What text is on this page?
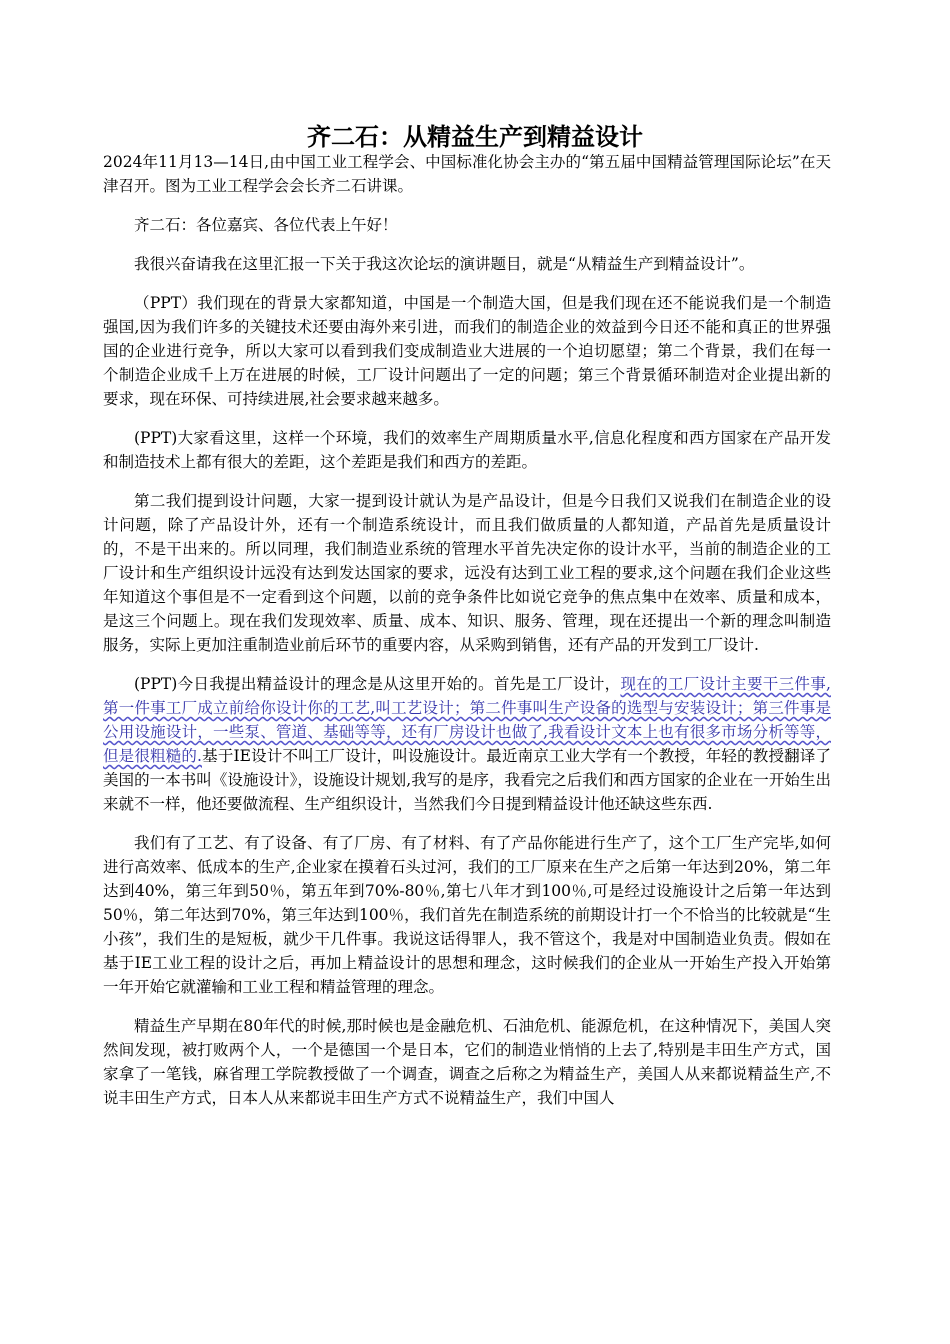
齐二石：从精益生产到精益设计

2024年11月13—14日,由中国工业工程学会、中国标准化协会主办的“第五届中国精益管理国际论坛”在天津召开。图为工业工程学会会长齐二石讲课。

齐二石：各位嘉宾、各位代表上午好！

我很兴奋请我在这里汇报一下关于我这次论坛的演讲题目，就是“从精益生产到精益设计”。

（PPT）我们现在的背景大家都知道，中国是一个制造大国，但是我们现在还不能说我们是一个制造强国,因为我们许多的关键技术还要由海外来引进，而我们的制造企业的效益到今日还不能和真正的世界强国的企业进行竞争，所以大家可以看到我们变成制造业大进展的一个迫切愿望；第二个背景，我们在每一个制造企业成千上万在进展的时候，工厂设计问题出了一定的问题；第三个背景循环制造对企业提出新的要求，现在环保、可持续进展,社会要求越来越多。

(PPT)大家看这里，这样一个环境，我们的效率生产周期质量水平,信息化程度和西方国家在产品开发和制造技术上都有很大的差距，这个差距是我们和西方的差距。

第二我们提到设计问题，大家一提到设计就认为是产品设计，但是今日我们又说我们在制造企业的设计问题，除了产品设计外，还有一个制造系统设计，而且我们做质量的人都知道，产品首先是质量设计的，不是干出来的。所以同理，我们制造业系统的管理水平首先决定你的设计水平，当前的制造企业的工厂设计和生产组织设计远没有达到发达国家的要求，远没有达到工业工程的要求,这个问题在我们企业这些年知道这个事但是不一定看到这个问题，以前的竞争条件比如说它竞争的焦点集中在效率、质量和成本，是这三个问题上。现在我们发现效率、质量、成本、知识、服务、管理，现在还提出一个新的理念叫制造服务，实际上更加注重制造业前后环节的重要内容，从采购到销售，还有产品的开发到工厂设计.

(PPT)今日我提出精益设计的理念是从这里开始的。首先是工厂设计，现在的工厂设计主要干三件事,第一件事工厂成立前给你设计你的工艺,叫工艺设计；第二件事叫生产设备的选型与安装设计；第三件事是公用设施设计，一些泵、管道、基础等等，还有厂房设计也做了,我看设计文本上也有很多市场分析等等，但是很粗糙的.基于IE设计不叫工厂设计，叫设施设计。最近南京工业大学有一个教授，年轻的教授翻译了美国的一本书叫《设施设计》，设施设计规划,我写的是序，我看完之后我们和西方国家的企业在一开始生出来就不一样，他还要做流程、生产组织设计，当然我们今日提到精益设计他还缺这些东西.

我们有了工艺、有了设备、有了厂房、有了材料、有了产品你能进行生产了，这个工厂生产完毕,如何进行高效率、低成本的生产,企业家在摸着石头过河，我们的工厂原来在生产之后第一年达到20%，第二年达到40%，第三年到50％，第五年到70%-80％,第七八年才到100％,可是经过设施设计之后第一年达到50％，第二年达到70%，第三年达到100％，我们首先在制造系统的前期设计打一个不恰当的比较就是“生小孩”，我们生的是短板，就少干几件事。我说这话得罪人，我不管这个，我是对中国制造业负责。假如在基于IE工业工程的设计之后，再加上精益设计的思想和理念，这时候我们的企业从一开始生产投入开始第一年开始它就灌输和工业工程和精益管理的理念。

精益生产早期在80年代的时候,那时候也是金融危机、石油危机、能源危机，在这种情况下，美国人突然间发现，被打败两个人，一个是德国一个是日本，它们的制造业悄悄的上去了,特别是丰田生产方式，国家拿了一笔钱，麻省理工学院教授做了一个调查，调查之后称之为精益生产，美国人从来都说精益生产,不说丰田生产方式，日本人从来都说丰田生产方式不说精益生产，我们中国人
